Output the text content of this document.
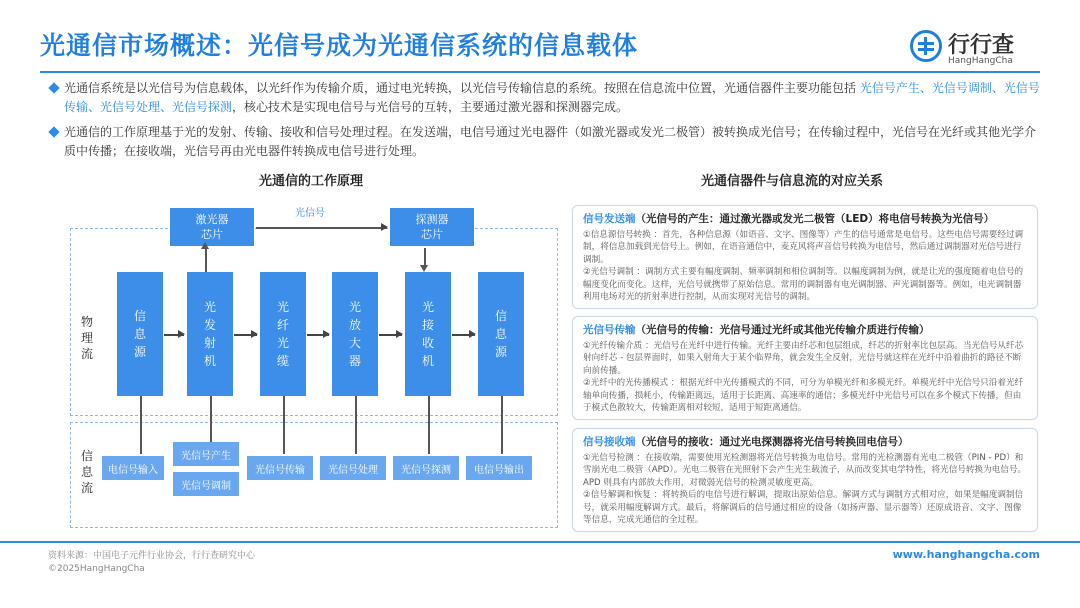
光通信市场概述：光信号成为光通信系统的信息载体	行行查
HangHangCha
光通信系统是以光信号为信息载体，以光纤作为传输介质，通过电光转换，以光信号传输信息的系统。按照在信息流中位置，光通信器件主要功能包括 光信号产生、光信号调制、光信号传输、光信号处理、光信号探测，核心技术是实现电信号与光信号的互转，主要通过激光器和探测器完成。
光通信的工作原理基于光的发射、传输、接收和信号处理过程。在发送端，电信号通过光电器件（如激光器或发光二极管）被转换成光信号；在传输过程中，光信号在光纤或其他光学介质中传播；在接收端，光信号再由光电器件转换成电信号进行处理。
光通信的工作原理	光通信器件与信息流的对应关系
物理流
信息流
激光器
芯片
探测器
芯片
光信号
信息源
光发射机
光纤光缆
光放大器
光接收机
信息源
电信号输入
光信号产生
光信号调制
光信号传输	光信号处理	光信号探测	电信号输出
信号发送端（光信号的产生：通过激光器或发光二极管（LED）将电信号转换为光信号）

①信息源信号转换 ：首先，各种信息源（如语音、文字、图像等）产生的信号通常是电信号。这些电信号需要经过调制，将信息加载到光信号上。例如，在语音通信中，麦克风将声音信号转换为电信号，然后通过调制器对光信号进行调制。

②光信号调制 ：调制方式主要有幅度调制、频率调制和相位调制等。以幅度调制为例，就是让光的强度随着电信号的幅度变化而变化。这样，光信号就携带了原始信息。常用的调制器有电光调制器、声光调制器等。例如，电光调制器利用电场对光的折射率进行控制，从而实现对光信号的调制。

光信号传输（光信号的传输：光信号通过光纤或其他光传输介质进行传输）

①光纤传输介质 ：光信号在光纤中进行传输。光纤主要由纤芯和包层组成，纤芯的折射率比包层高。当光信号从纤芯射向纤芯 - 包层界面时，如果入射角大于某个临界角，就会发生全反射，光信号就这样在光纤中沿着曲折的路径不断向前传播。

②光纤中的光传播模式 ：根据光纤中光传播模式的不同，可分为单模光纤和多模光纤。单模光纤中光信号只沿着光纤轴单向传播，损耗小，传输距离远，适用于长距离、高速率的通信；多模光纤中光信号可以在多个模式下传播，但由于模式色散较大，传输距离相对较短，适用于短距离通信。

信号接收端（光信号的接收：通过光电探测器将光信号转换回电信号）

①光信号检测 ：在接收端，需要使用光检测器将光信号转换为电信号。常用的光检测器有光电二极管（PIN - PD）和雪崩光电二极管（APD）。光电二极管在光照射下会产生光生载流子，从而改变其电学特性，将光信号转换为电信号。APD 则具有内部放大作用，对微弱光信号的检测灵敏度更高。

②信号解调和恢复 ：将转换后的电信号进行解调，提取出原始信息。解调方式与调制方式相对应，如果是幅度调制信号，就采用幅度解调方式。最后，将解调后的信号通过相应的设备（如扬声器、显示器等）还原成语音、文字、图像等信息，完成光通信的全过程。

资料来源：中国电子元件行业协会，行行查研究中心
©2025HangHangCha
www.hanghangcha.com
